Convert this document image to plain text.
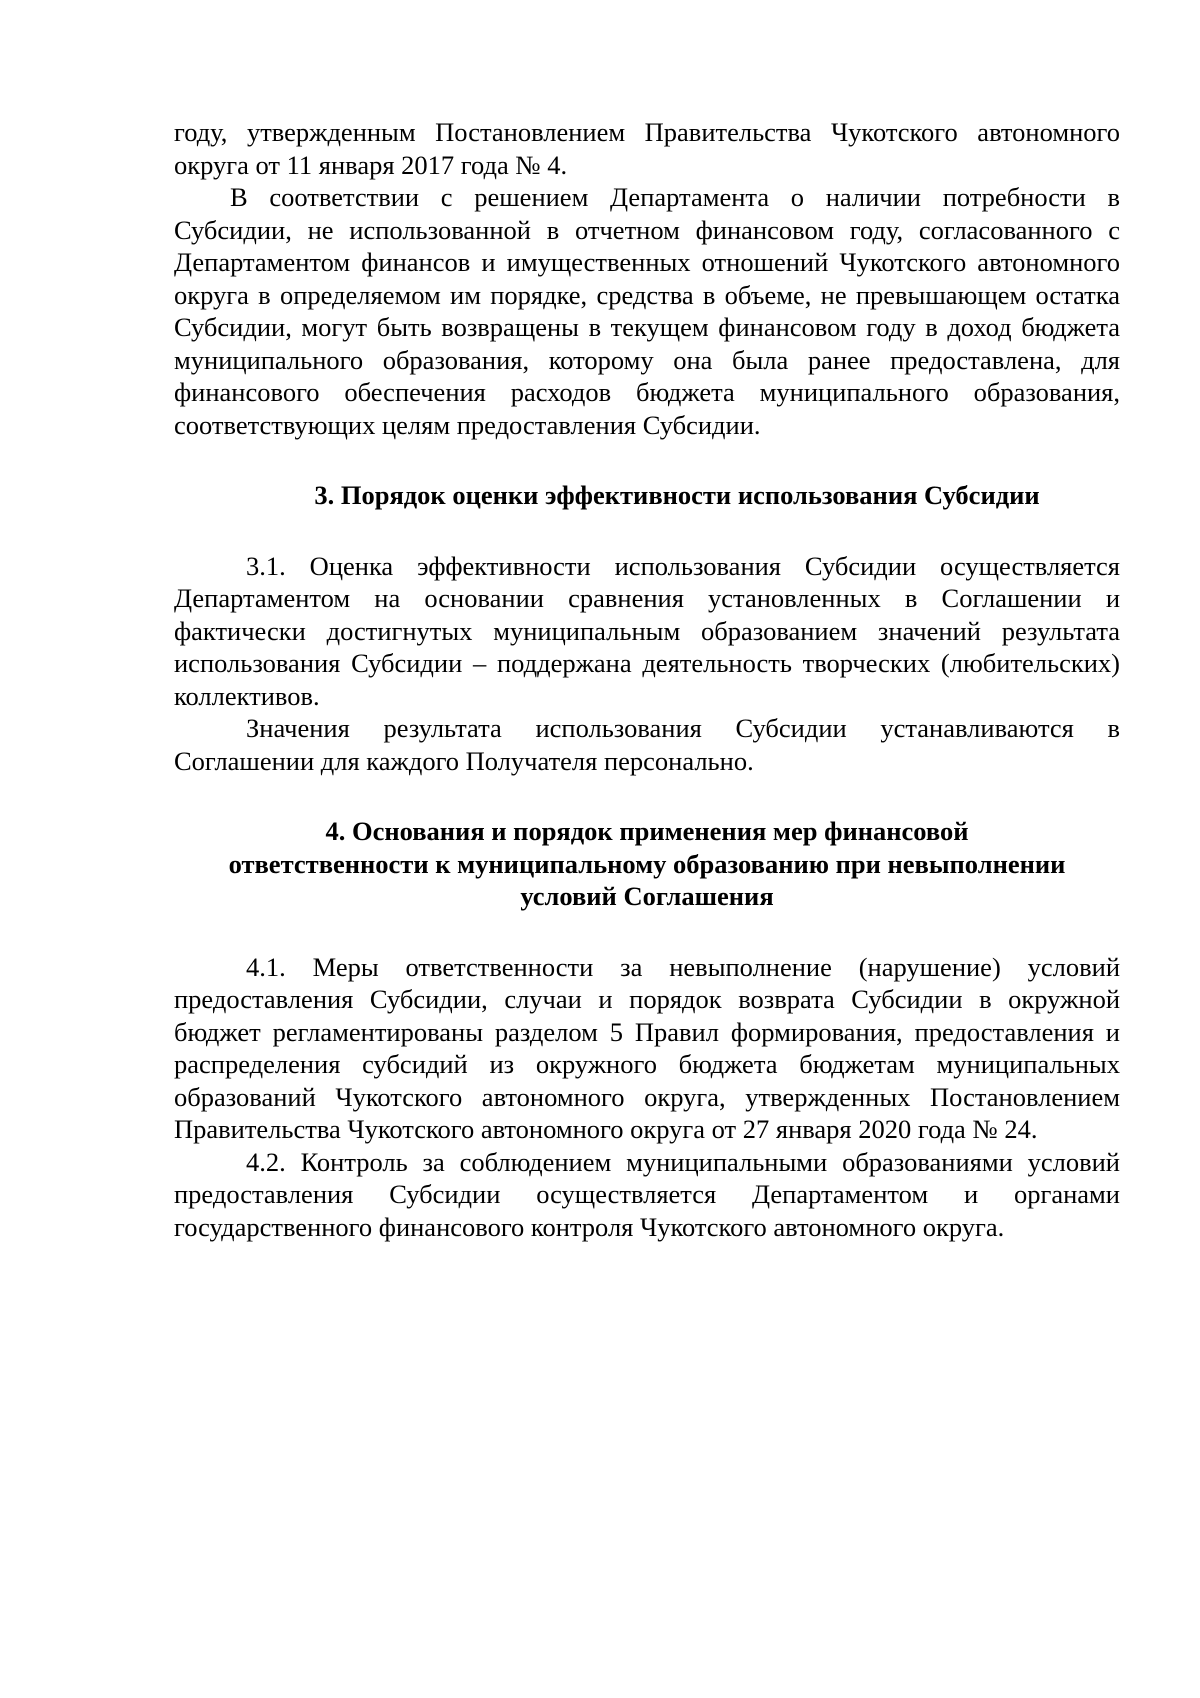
году, утвержденным Постановлением Правительства Чукотского автономного округа от 11 января 2017 года № 4.

В соответствии с решением Департамента о наличии потребности в Субсидии, не использованной в отчетном финансовом году, согласованного с Департаментом финансов и имущественных отношений Чукотского автономного округа в определяемом им порядке, средства в объеме, не превышающем остатка Субсидии, могут быть возвращены в текущем финансовом году в доход бюджета муниципального образования, которому она была ранее предоставлена, для финансового обеспечения расходов бюджета муниципального образования, соответствующих целям предоставления Субсидии.

3. Порядок оценки эффективности использования Субсидии

3.1. Оценка эффективности использования Субсидии осуществляется Департаментом на основании сравнения установленных в Соглашении и фактически достигнутых муниципальным образованием значений результата использования Субсидии – поддержана деятельность творческих (любительских) коллективов.

Значения результата использования Субсидии устанавливаются в Соглашении для каждого Получателя персонально.

4. Основания и порядок применения мер финансовой
ответственности к муниципальному образованию при невыполнении
условий Соглашения

4.1. Меры ответственности за невыполнение (нарушение) условий предоставления Субсидии, случаи и порядок возврата Субсидии в окружной бюджет регламентированы разделом 5 Правил формирования, предоставления и распределения субсидий из окружного бюджета бюджетам муниципальных образований Чукотского автономного округа, утвержденных Постановлением Правительства Чукотского автономного округа от 27 января 2020 года № 24.

4.2. Контроль за соблюдением муниципальными образованиями условий предоставления Субсидии осуществляется Департаментом и органами государственного финансового контроля Чукотского автономного округа.
